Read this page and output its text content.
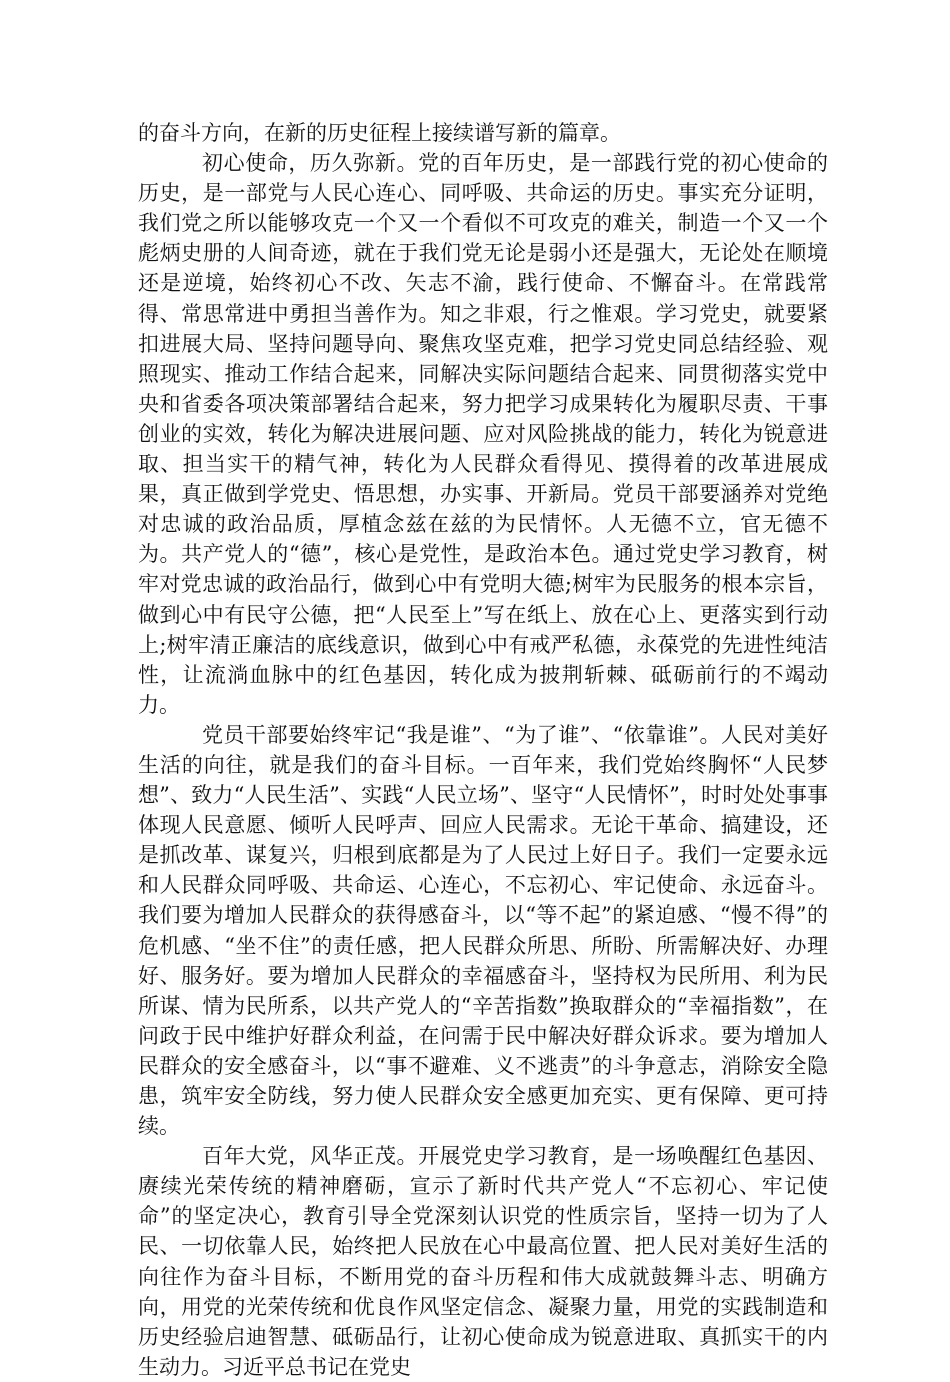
的奋斗方向，在新的历史征程上接续谱写新的篇章。

初心使命，历久弥新。党的百年历史，是一部践行党的初心使命的历史，是一部党与人民心连心、同呼吸、共命运的历史。事实充分证明，我们党之所以能够攻克一个又一个看似不可攻克的难关，制造一个又一个彪炳史册的人间奇迹，就在于我们党无论是弱小还是强大，无论处在顺境还是逆境，始终初心不改、矢志不渝，践行使命、不懈奋斗。在常践常得、常思常进中勇担当善作为。知之非艰，行之惟艰。学习党史，就要紧扣进展大局、坚持问题导向、聚焦攻坚克难，把学习党史同总结经验、观照现实、推动工作结合起来，同解决实际问题结合起来、同贯彻落实党中央和省委各项决策部署结合起来，努力把学习成果转化为履职尽责、干事创业的实效，转化为解决进展问题、应对风险挑战的能力，转化为锐意进取、担当实干的精气神，转化为人民群众看得见、摸得着的改革进展成果，真正做到学党史、悟思想，办实事、开新局。党员干部要涵养对党绝对忠诚的政治品质，厚植念兹在兹的为民情怀。人无德不立，官无德不为。共产党人的“德”，核心是党性，是政治本色。通过党史学习教育，树牢对党忠诚的政治品行，做到心中有党明大德;树牢为民服务的根本宗旨，做到心中有民守公德，把“人民至上”写在纸上、放在心上、更落实到行动上;树牢清正廉洁的底线意识，做到心中有戒严私德，永葆党的先进性纯洁性，让流淌血脉中的红色基因，转化成为披荆斩棘、砥砺前行的不竭动力。

党员干部要始终牢记“我是谁”、“为了谁”、“依靠谁”。人民对美好生活的向往，就是我们的奋斗目标。一百年来，我们党始终胸怀“人民梦想”、致力“人民生活”、实践“人民立场”、坚守“人民情怀”，时时处处事事体现人民意愿、倾听人民呼声、回应人民需求。无论干革命、搞建设，还是抓改革、谋复兴，归根到底都是为了人民过上好日子。我们一定要永远和人民群众同呼吸、共命运、心连心，不忘初心、牢记使命、永远奋斗。我们要为增加人民群众的获得感奋斗，以“等不起”的紧迫感、“慢不得”的危机感、“坐不住”的责任感，把人民群众所思、所盼、所需解决好、办理好、服务好。要为增加人民群众的幸福感奋斗，坚持权为民所用、利为民所谋、情为民所系，以共产党人的“辛苦指数”换取群众的“幸福指数”，在问政于民中维护好群众利益，在问需于民中解决好群众诉求。要为增加人民群众的安全感奋斗，以“事不避难、义不逃责”的斗争意志，消除安全隐患，筑牢安全防线，努力使人民群众安全感更加充实、更有保障、更可持续。

百年大党，风华正茂。开展党史学习教育，是一场唤醒红色基因、赓续光荣传统的精神磨砺，宣示了新时代共产党人“不忘初心、牢记使命”的坚定决心，教育引导全党深刻认识党的性质宗旨，坚持一切为了人民、一切依靠人民，始终把人民放在心中最高位置、把人民对美好生活的向往作为奋斗目标，不断用党的奋斗历程和伟大成就鼓舞斗志、明确方向，用党的光荣传统和优良作风坚定信念、凝聚力量，用党的实践制造和历史经验启迪智慧、砥砺品行，让初心使命成为锐意进取、真抓实干的内生动力。习近平总书记在党史
